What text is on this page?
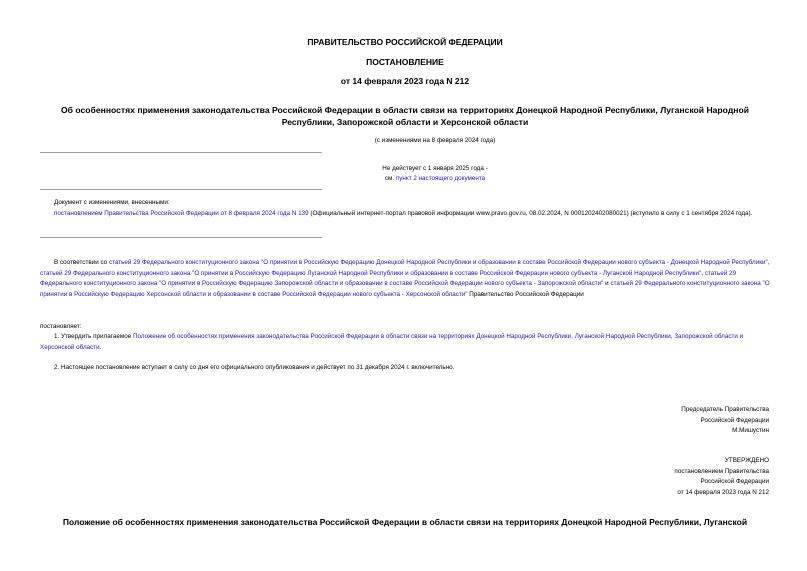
ПРАВИТЕЛЬСТВО РОССИЙСКОЙ ФЕДЕРАЦИИ
ПОСТАНОВЛЕНИЕ
от 14 февраля 2023 года N 212
Об особенностях применения законодательства Российской Федерации в области связи на территориях Донецкой Народной Республики, Луганской Народной Республики, Запорожской области и Херсонской области
(с изменениями на 8 февраля 2024 года)
Не действует с 1 января 2025 года -
см. пункт 2 настоящего документа
Документ с изменениями, внесенными:
постановлением Правительства Российской Федерации от 8 февраля 2024 года N 139 (Официальный интернет-портал правовой информации www.pravo.gov.ru, 08.02.2024, N 0001202402080021) (вступило в силу с 1 сентября 2024 года).
В соответствии со статьей 29 Федерального конституционного закона "О принятии в Российскую Федерацию Донецкой Народной Республики и образовании в составе Российской Федерации нового субъекта - Донецкой Народной Республики", статьей 29 Федерального конституционного закона "О принятии в Российскую Федерацию Луганской Народной Республики и образовании в составе Российской Федерации нового субъекта - Луганской Народной Республики", статьей 29 Федерального конституционного закона "О принятии в Российскую Федерацию Запорожской области и образовании в составе Российской Федерации нового субъекта - Запорожской области" и статьей 29 Федерального конституционного закона "О принятии в Российскую Федерацию Херсонской области и образовании в составе Российской Федерации нового субъекта - Херсонской области" Правительство Российской Федерации
постановляет:
1. Утвердить прилагаемое Положение об особенностях применения законодательства Российской Федерации в области связи на территориях Донецкой Народной Республики, Луганской Народной Республики, Запорожской области и Херсонской области.
2. Настоящее постановление вступает в силу со дня его официального опубликования и действует по 31 декабря 2024 г. включительно.
Председатель Правительства
Российской Федерации
М.Мишустин
УТВЕРЖДЕНО
постановлением Правительства
Российской Федерации
от 14 февраля 2023 года N 212
Положение об особенностях применения законодательства Российской Федерации в области связи на территориях Донецкой Народной Республики, Луганской
